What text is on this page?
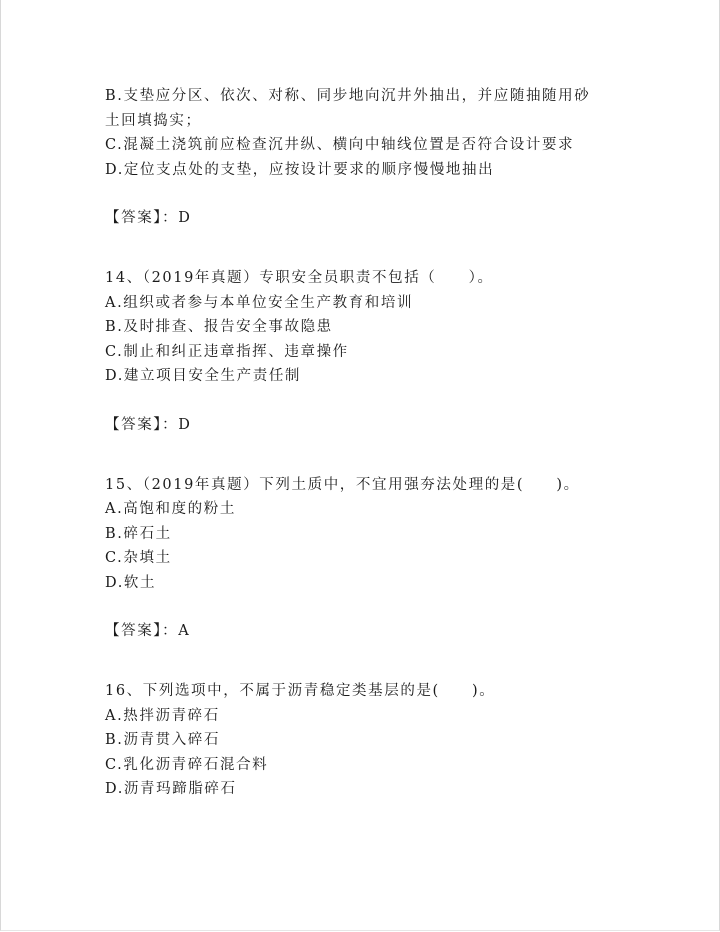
B.支垫应分区、依次、对称、同步地向沉井外抽出，并应随抽随用砂
土回填捣实；
C.混凝土浇筑前应检查沉井纵、横向中轴线位置是否符合设计要求
D.定位支点处的支垫，应按设计要求的顺序慢慢地抽出
【答案】：D
14、（2019年真题）专职安全员职责不包括（　　）。
A.组织或者参与本单位安全生产教育和培训
B.及时排查、报告安全事故隐患
C.制止和纠正违章指挥、违章操作
D.建立项目安全生产责任制
【答案】：D
15、（2019年真题）下列土质中，不宜用强夯法处理的是(　　)。
A.高饱和度的粉土
B.碎石土
C.杂填土
D.软土
【答案】：A
16、下列选项中，不属于沥青稳定类基层的是(　　)。
A.热拌沥青碎石
B.沥青贯入碎石
C.乳化沥青碎石混合料
D.沥青玛蹄脂碎石
